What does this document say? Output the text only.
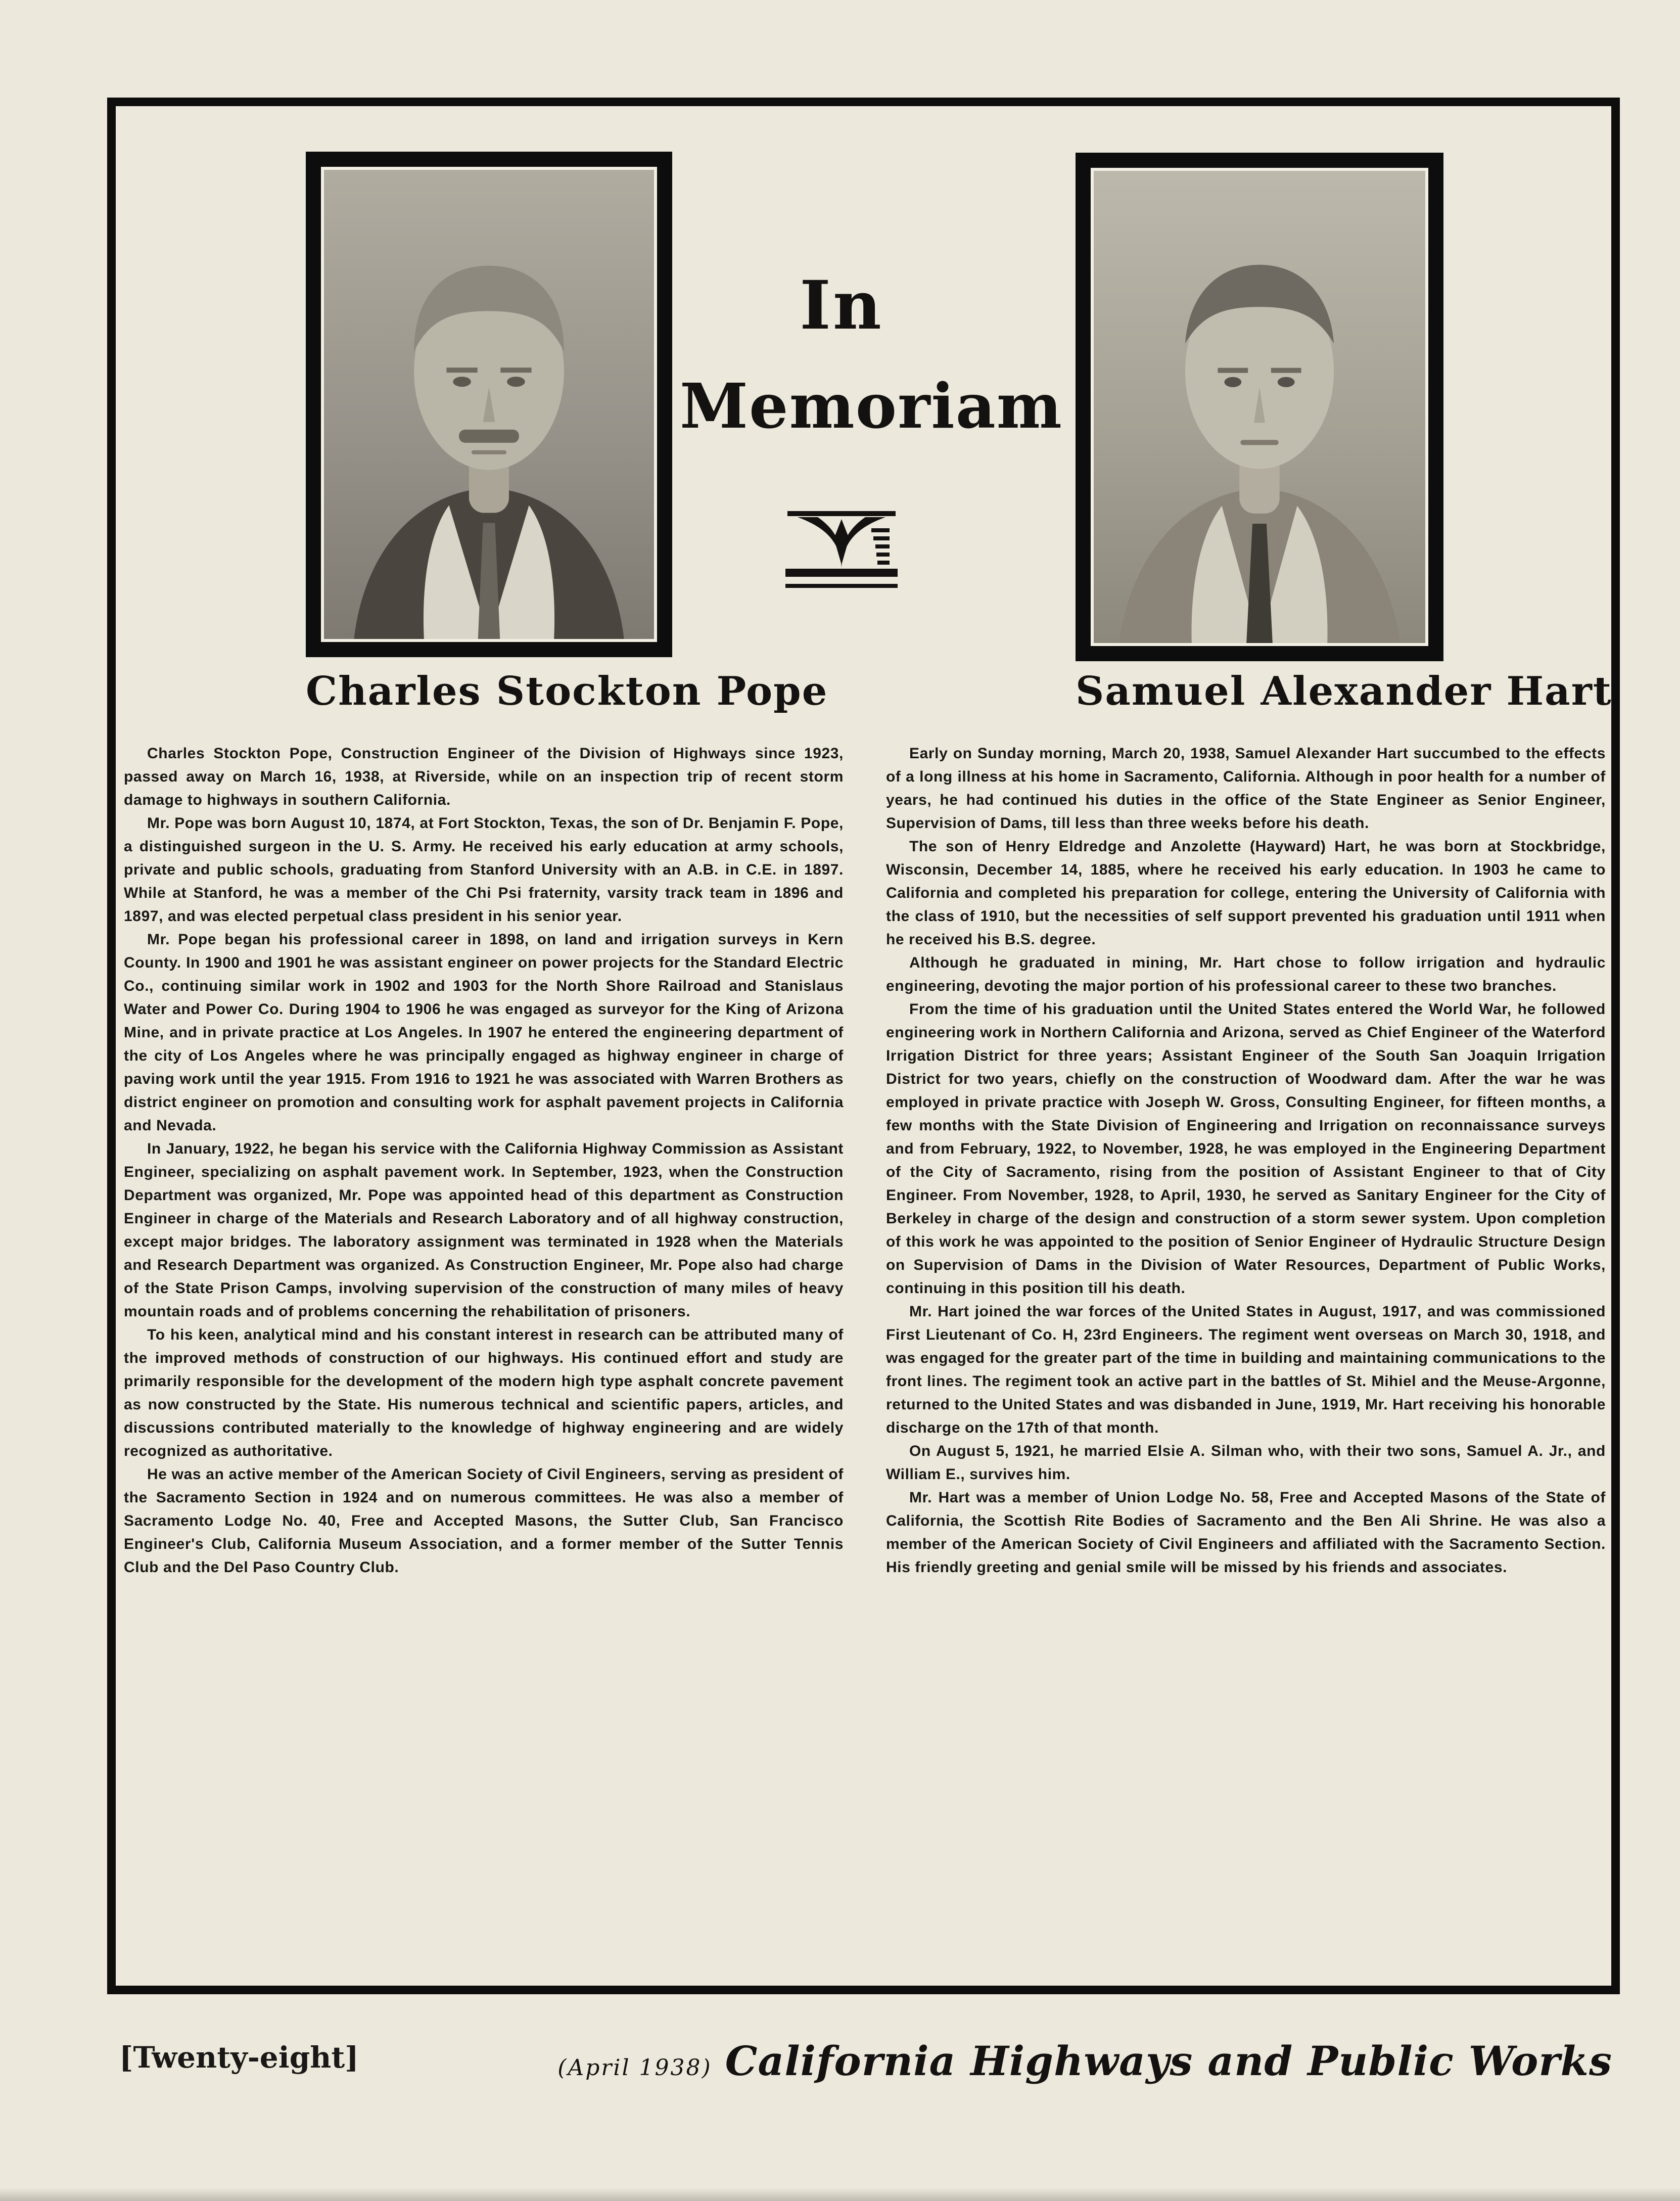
In
Memoriam
Charles Stockton Pope	Samuel Alexander Hart

Charles Stockton Pope, Construction Engineer of the Division of Highways since 1923, passed away on March 16, 1938, at Riverside, while on an inspection trip of recent storm damage to highways in southern California.

Mr. Pope was born August 10, 1874, at Fort Stockton, Texas, the son of Dr. Benjamin F. Pope, a distinguished surgeon in the U. S. Army. He received his early education at army schools, private and public schools, graduating from Stanford University with an A.B. in C.E. in 1897. While at Stanford, he was a member of the Chi Psi fraternity, varsity track team in 1896 and 1897, and was elected perpetual class president in his senior year.

Mr. Pope began his professional career in 1898, on land and irrigation surveys in Kern County. In 1900 and 1901 he was assistant engineer on power projects for the Standard Electric Co., continuing similar work in 1902 and 1903 for the North Shore Railroad and Stanislaus Water and Power Co. During 1904 to 1906 he was engaged as surveyor for the King of Arizona Mine, and in private practice at Los Angeles. In 1907 he entered the engineering department of the city of Los Angeles where he was principally engaged as highway engineer in charge of paving work until the year 1915. From 1916 to 1921 he was associated with Warren Brothers as district engineer on promotion and consulting work for asphalt pavement projects in California and Nevada.

In January, 1922, he began his service with the California Highway Commission as Assistant Engineer, specializing on asphalt pavement work. In September, 1923, when the Construction Department was organized, Mr. Pope was appointed head of this department as Construction Engineer in charge of the Materials and Research Laboratory and of all highway construction, except major bridges. The laboratory assignment was terminated in 1928 when the Materials and Research Department was organized. As Construction Engineer, Mr. Pope also had charge of the State Prison Camps, involving supervision of the construction of many miles of heavy mountain roads and of problems concerning the rehabilitation of prisoners.

To his keen, analytical mind and his constant interest in research can be attributed many of the improved methods of construction of our highways. His continued effort and study are primarily responsible for the development of the modern high type asphalt concrete pavement as now constructed by the State. His numerous technical and scientific papers, articles, and discussions contributed materially to the knowledge of highway engineering and are widely recognized as authoritative.

He was an active member of the American Society of Civil Engineers, serving as president of the Sacramento Section in 1924 and on numerous committees. He was also a member of Sacramento Lodge No. 40, Free and Accepted Masons, the Sutter Club, San Francisco Engineer's Club, California Museum Association, and a former member of the Sutter Tennis Club and the Del Paso Country Club.

Early on Sunday morning, March 20, 1938, Samuel Alexander Hart succumbed to the effects of a long illness at his home in Sacramento, California. Although in poor health for a number of years, he had continued his duties in the office of the State Engineer as Senior Engineer, Supervision of Dams, till less than three weeks before his death.

The son of Henry Eldredge and Anzolette (Hayward) Hart, he was born at Stockbridge, Wisconsin, December 14, 1885, where he received his early education. In 1903 he came to California and completed his preparation for college, entering the University of California with the class of 1910, but the necessities of self support prevented his graduation until 1911 when he received his B.S. degree.

Although he graduated in mining, Mr. Hart chose to follow irrigation and hydraulic engineering, devoting the major portion of his professional career to these two branches.

From the time of his graduation until the United States entered the World War, he followed engineering work in Northern California and Arizona, served as Chief Engineer of the Waterford Irrigation District for three years; Assistant Engineer of the South San Joaquin Irrigation District for two years, chiefly on the construction of Woodward dam. After the war he was employed in private practice with Joseph W. Gross, Consulting Engineer, for fifteen months, a few months with the State Division of Engineering and Irrigation on reconnaissance surveys and from February, 1922, to November, 1928, he was employed in the Engineering Department of the City of Sacramento, rising from the position of Assistant Engineer to that of City Engineer. From November, 1928, to April, 1930, he served as Sanitary Engineer for the City of Berkeley in charge of the design and construction of a storm sewer system. Upon completion of this work he was appointed to the position of Senior Engineer of Hydraulic Structure Design on Supervision of Dams in the Division of Water Resources, Department of Public Works, continuing in this position till his death.

Mr. Hart joined the war forces of the United States in August, 1917, and was commissioned First Lieutenant of Co. H, 23rd Engineers. The regiment went overseas on March 30, 1918, and was engaged for the greater part of the time in building and maintaining communications to the front lines. The regiment took an active part in the battles of St. Mihiel and the Meuse-Argonne, returned to the United States and was disbanded in June, 1919, Mr. Hart receiving his honorable discharge on the 17th of that month.

On August 5, 1921, he married Elsie A. Silman who, with their two sons, Samuel A. Jr., and William E., survives him.

Mr. Hart was a member of Union Lodge No. 58, Free and Accepted Masons of the State of California, the Scottish Rite Bodies of Sacramento and the Ben Ali Shrine. He was also a member of the American Society of Civil Engineers and affiliated with the Sacramento Section. His friendly greeting and genial smile will be missed by his friends and associates.

[Twenty-eight]	(April 1938) California Highways and Public Works
